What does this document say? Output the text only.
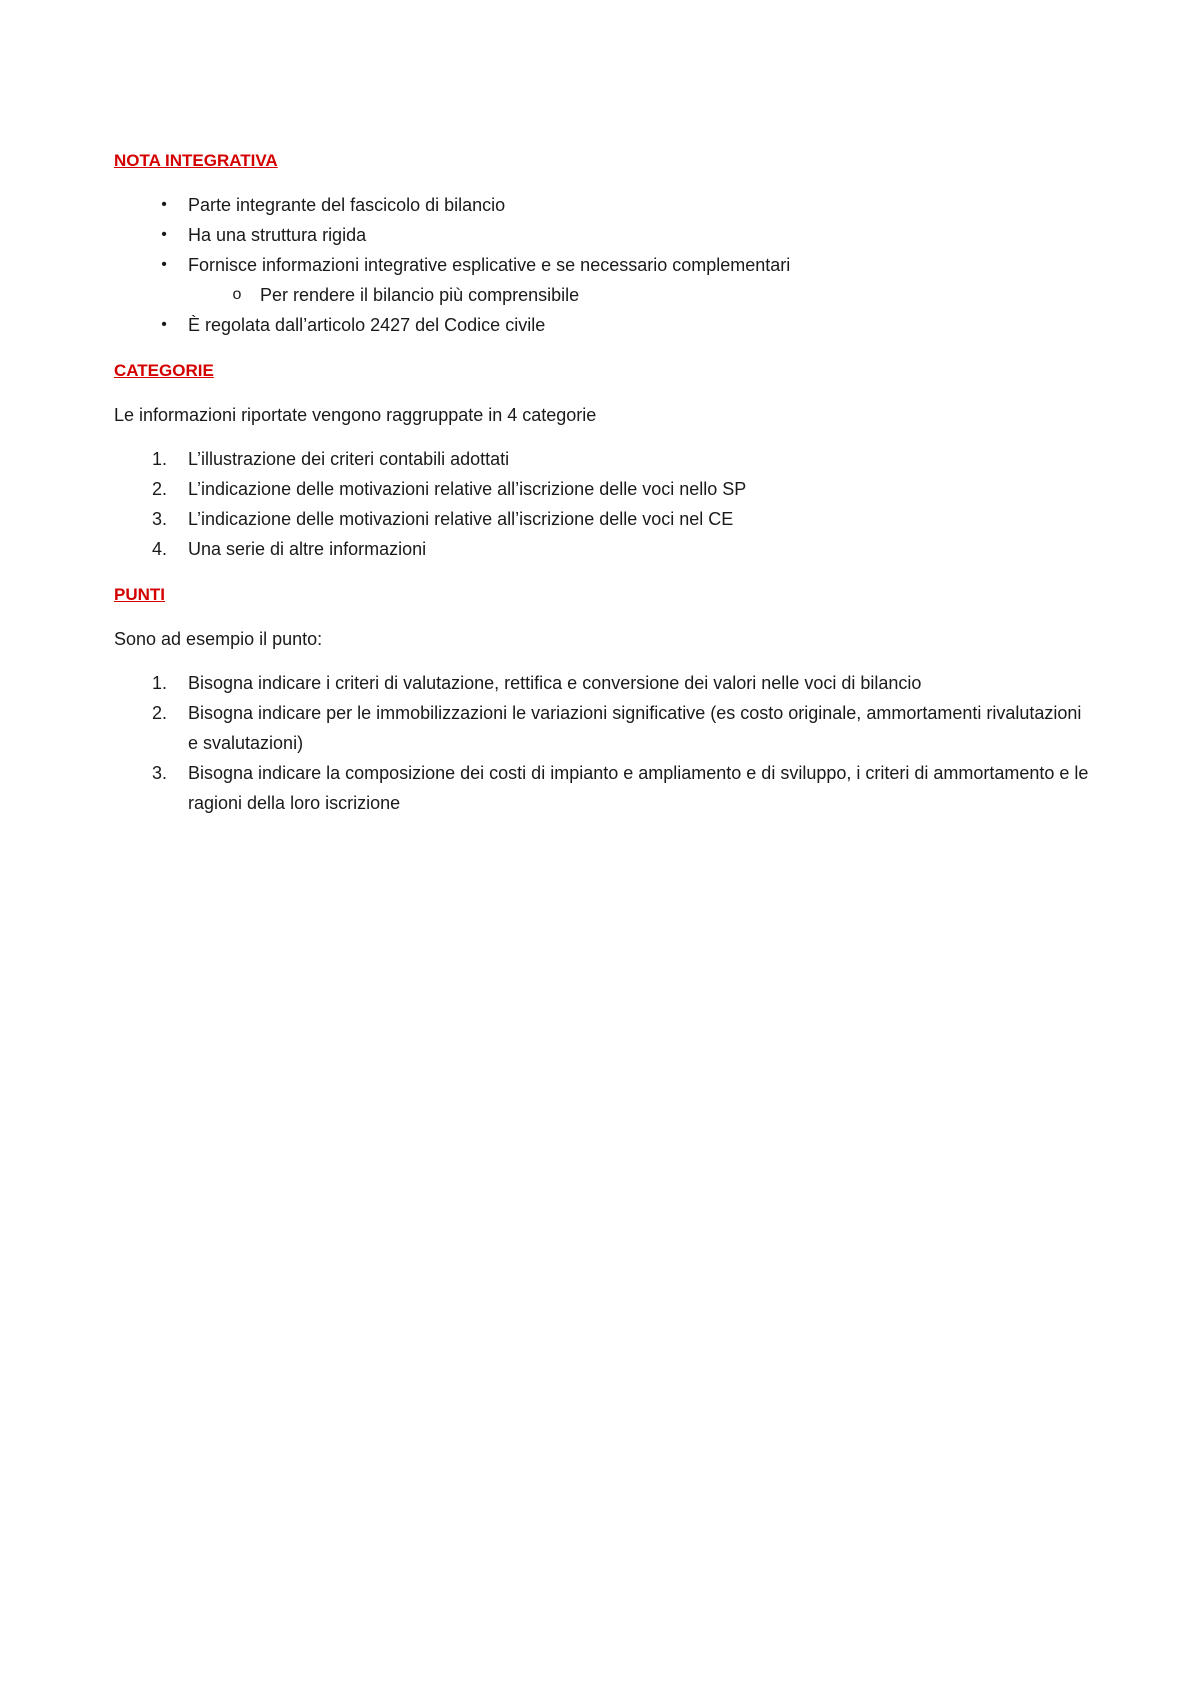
NOTA INTEGRATIVA

•	Parte integrante del fascicolo di bilancio
•	Ha una struttura rigida
•	Fornisce informazioni integrative esplicative e se necessario complementari
o	Per rendere il bilancio più comprensibile
•	È regolata dall’articolo 2427 del Codice civile

CATEGORIE

Le informazioni riportate vengono raggruppate in 4 categorie

1.	L’illustrazione dei criteri contabili adottati
2.	L’indicazione delle motivazioni relative all’iscrizione delle voci nello SP
3.	L’indicazione delle motivazioni relative all’iscrizione delle voci nel CE
4.	Una serie di altre informazioni

PUNTI

Sono ad esempio il punto:

1.	Bisogna indicare i criteri di valutazione, rettifica e conversione dei valori nelle voci di bilancio
2.	Bisogna indicare per le immobilizzazioni le variazioni significative (es costo originale, ammortamenti rivalutazioni e svalutazioni)
3.	Bisogna indicare la composizione dei costi di impianto e ampliamento e di sviluppo, i criteri di ammortamento e le ragioni della loro iscrizione
